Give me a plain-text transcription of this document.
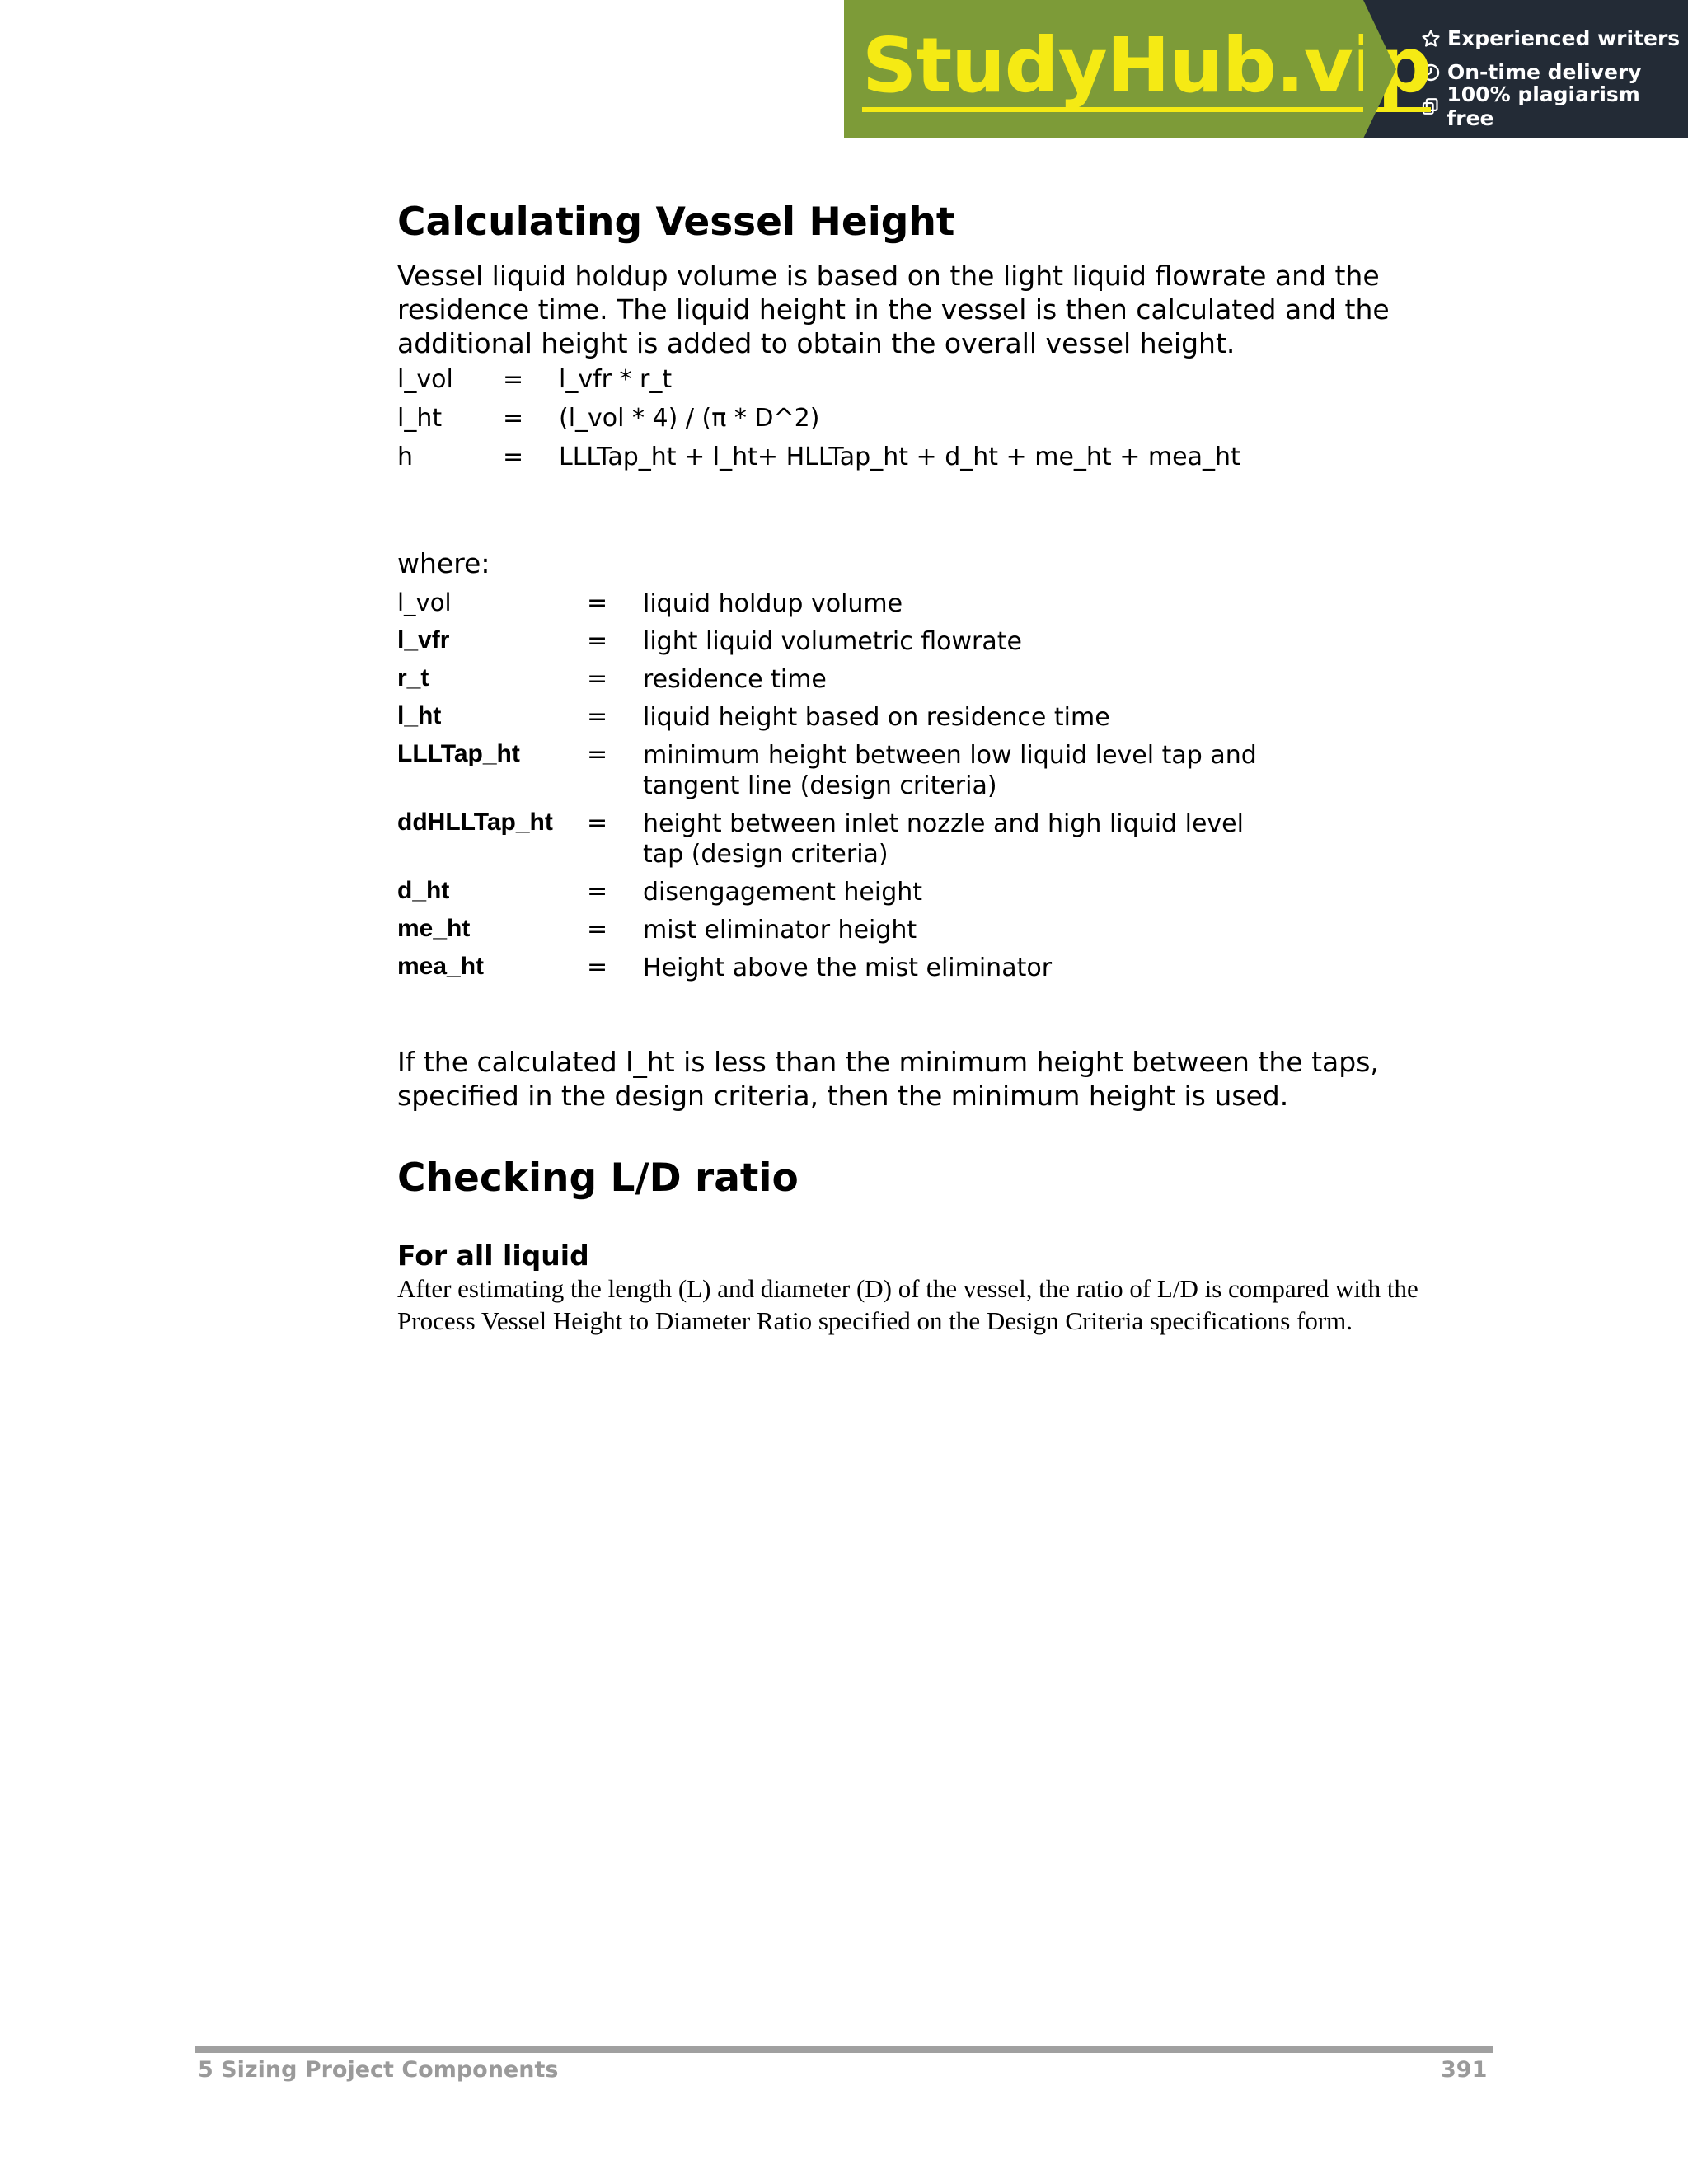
StudyHub.vip Experienced writers
On-time delivery
100% plagiarism free
Calculating Vessel Height

Vessel liquid holdup volume is based on the light liquid flowrate and the residence time. The liquid height in the vessel is then calculated and the additional height is added to obtain the overall vessel height.

l_vol	=	l_vfr * r_t
l_ht	=	(l_vol * 4) / (π * D^2)
h	=	LLLTap_ht + l_ht+ HLLTap_ht + d_ht + me_ht + mea_ht
where:
l_vol	=	liquid holdup volume
l_vfr	=	light liquid volumetric flowrate
r_t	=	residence time
l_ht	=	liquid height based on residence time
LLLTap_ht	=	minimum height between low liquid level tap and tangent line (design criteria)
ddHLLTap_ht	=	height between inlet nozzle and high liquid level tap (design criteria)
d_ht	=	disengagement height
me_ht	=	mist eliminator height
mea_ht	=	Height above the mist eliminator

If the calculated l_ht is less than the minimum height between the taps, specified in the design criteria, then the minimum height is used.

Checking L/D ratio
For all liquid

After estimating the length (L) and diameter (D) of the vessel, the ratio of L/D is compared with the Process Vessel Height to Diameter Ratio specified on the Design Criteria specifications form.

5 Sizing Project Components	391
